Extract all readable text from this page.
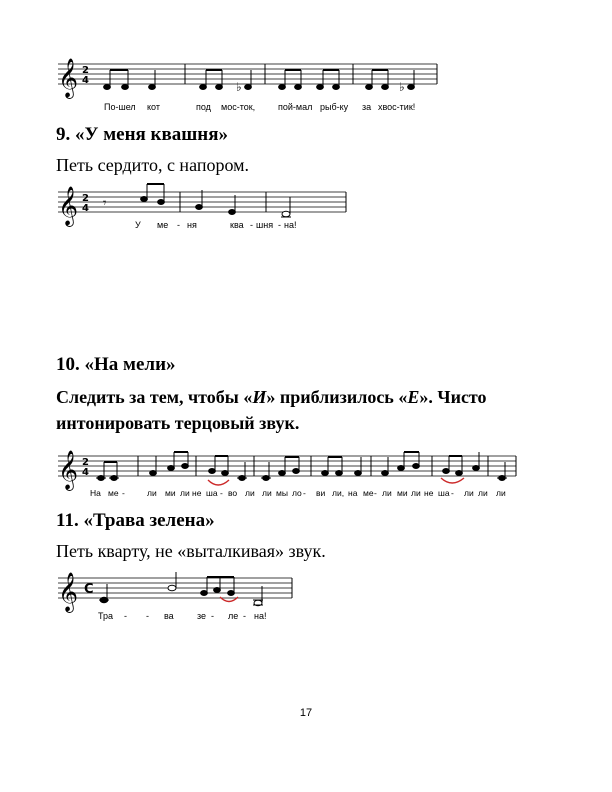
𝄞 2
4	♭	♭
По-шел кот	под мос-ток,	пой-мал рыб-ку за хвос-тик!
9. «У меня квашня»
Петь сердито, с напором.
𝄞 2
4 𝄾
У ме - ня	ква - шня - на!
10. «На мели»
Следить за тем, чтобы «И» приблизилось «Е». Чисто
интонировать терцовый звук.
𝄞 2
4
На ме -	ли ми ли не ша - во ли ли мы ло - ви ли, на ме - ли ми ли не ша - ли ли ли
11. «Трава зелена»
Петь кварту, не «выталкивая» звук.
𝄞 C
Тра - - ва	зе - ле - на!
17
